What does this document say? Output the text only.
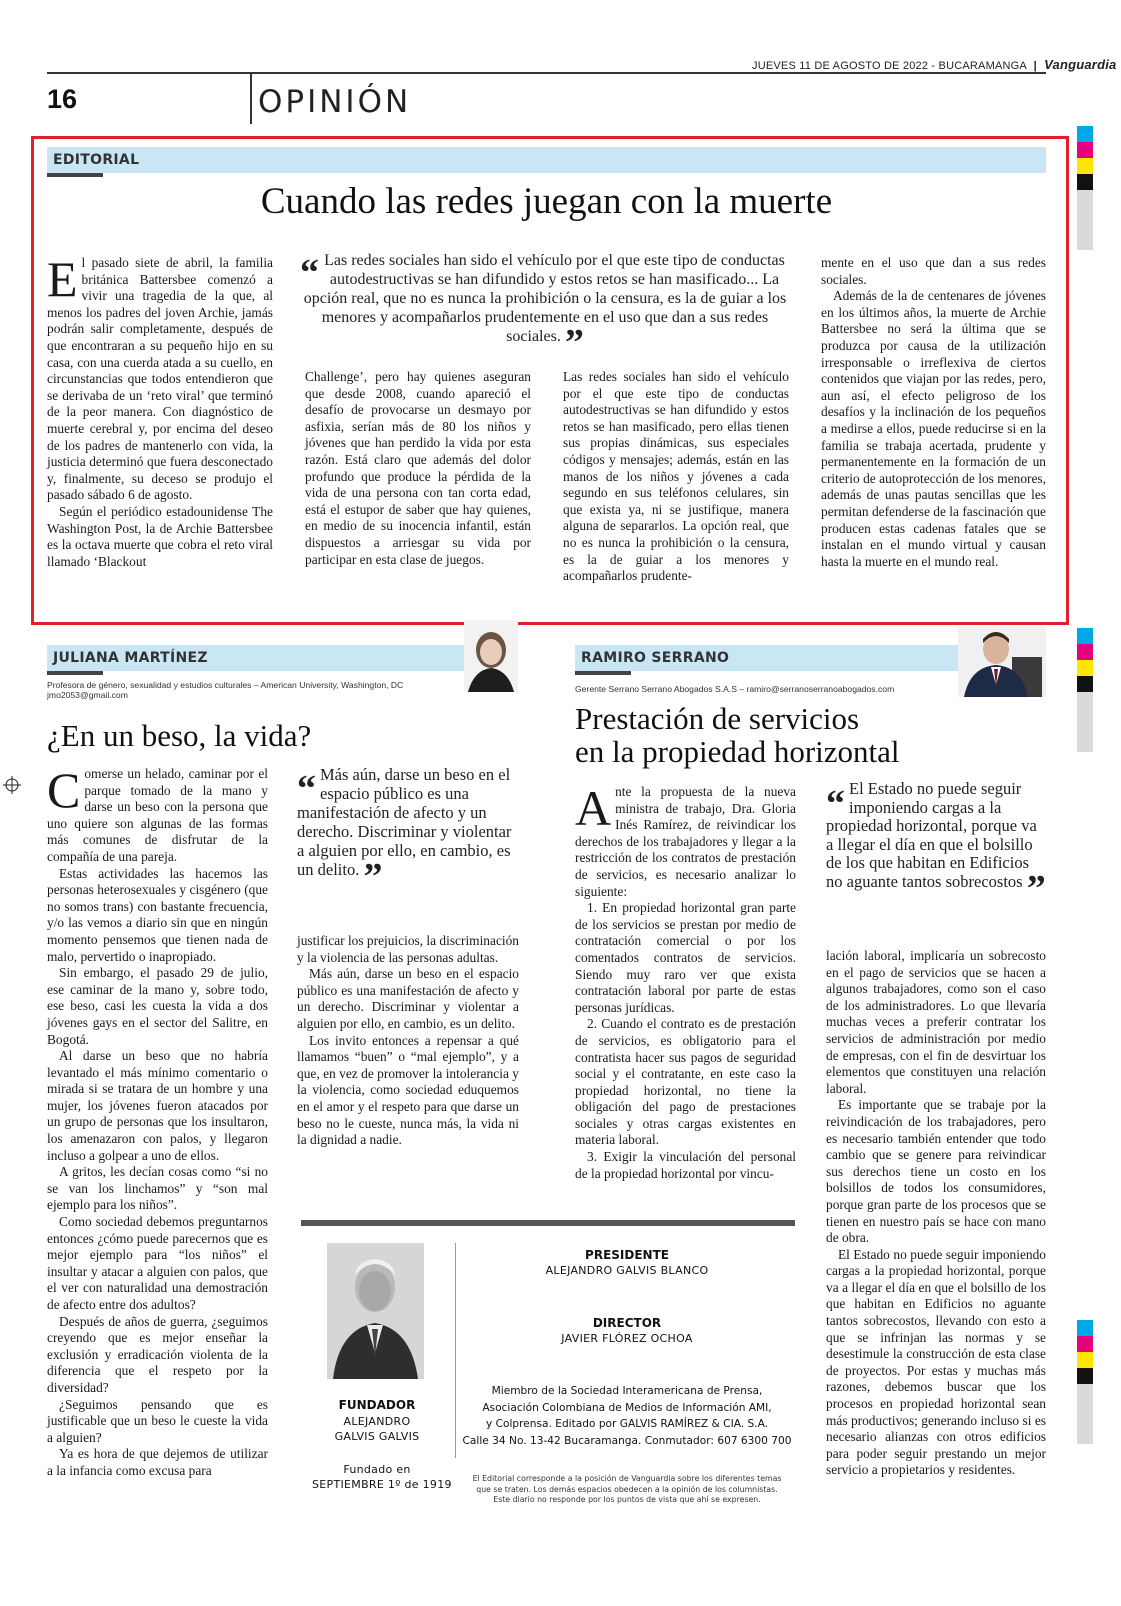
JUEVES 11 DE AGOSTO DE 2022 - BUCARAMANGA | Vanguardia
16	OPINIÓN
EDITORIAL
Cuando las redes juegan con la muerte

El pasado siete de abril, la familia británica Battersbee comenzó a vivir una tragedia de la que, al menos los padres del joven Archie, jamás podrán salir completamente, después de que encontraran a su pequeño hijo en su casa, con una cuerda atada a su cuello, en circunstancias que todos entendieron que se derivaba de un ‘reto viral’ que terminó de la peor manera. Con diagnóstico de muerte cerebral y, por encima del deseo de los padres de mantenerlo con vida, la justicia determinó que fuera desconectado y, finalmente, su deceso se produjo el pasado sábado 6 de agosto.

Según el periódico estadounidense The Washington Post, la de Archie Battersbee es la octava muerte que cobra el reto viral llamado ‘Blackout

“ Las redes sociales han sido el vehículo por el que este tipo de conductas autodestructivas se han difundido y estos retos se han masificado... La opción real, que no es nunca la prohibición o la censura, es la de guiar a los menores y acompañarlos prudentemente en el uso que dan a sus redes sociales. ”

Challenge’, pero hay quienes aseguran que desde 2008, cuando apareció el desafío de provocarse un desmayo por asfixia, serían más de 80 los niños y jóvenes que han perdido la vida por esta razón. Está claro que además del dolor profundo que produce la pérdida de la vida de una persona con tan corta edad, está el estupor de saber que hay quienes, en medio de su inocencia infantil, están dispuestos a arriesgar su vida por participar en esta clase de juegos.

Las redes sociales han sido el vehículo por el que este tipo de conductas autodestructivas se han difundido y estos retos se han masificado, pero ellas tienen sus propias dinámicas, sus especiales códigos y mensajes; además, están en las manos de los niños y jóvenes a cada segundo en sus teléfonos celulares, sin que exista ya, ni se justifique, manera alguna de separarlos. La opción real, que no es nunca la prohibición o la censura, es la de guiar a los menores y acompañarlos prudente-

mente en el uso que dan a sus redes sociales.

Además de la de centenares de jóvenes en los últimos años, la muerte de Archie Battersbee no será la última que se produzca por causa de la utilización irresponsable o irreflexiva de ciertos contenidos que viajan por las redes, pero, aun así, el efecto peligroso de los desafíos y la inclinación de los pequeños a medirse a ellos, puede reducirse si en la familia se trabaja acertada, prudente y permanentemente en la formación de un criterio de autoprotección de los menores, además de unas pautas sencillas que les permitan defenderse de la fascinación que producen estas cadenas fatales que se instalan en el mundo virtual y causan hasta la muerte en el mundo real.

JULIANA MARTÍNEZ
Profesora de género, sexualidad y estudios culturales – American University, Washington, DC
jmo2053@gmail.com
¿En un beso, la vida?

Comerse un helado, caminar por el parque tomado de la mano y darse un beso con la persona que uno quiere son algunas de las formas más comunes de disfrutar de la compañía de una pareja.

Estas actividades las hacemos las personas heterosexuales y cisgénero (que no somos trans) con bastante frecuencia, y/o las vemos a diario sin que en ningún momento pensemos que tienen nada de malo, pervertido o inapropiado.

Sin embargo, el pasado 29 de julio, ese caminar de la mano y, sobre todo, ese beso, casi les cuesta la vida a dos jóvenes gays en el sector del Salitre, en Bogotá.

Al darse un beso que no habría levantado el más mínimo comentario o mirada si se tratara de un hombre y una mujer, los jóvenes fueron atacados por un grupo de personas que los insultaron, los amenazaron con palos, y llegaron incluso a golpear a uno de ellos.

A gritos, les decían cosas como “si no se van los linchamos” y “son mal ejemplo para los niños”.

Como sociedad debemos preguntarnos entonces ¿cómo puede parecernos que es mejor ejemplo para “los niños” el insultar y atacar a alguien con palos, que el ver con naturalidad una demostración de afecto entre dos adultos?

Después de años de guerra, ¿seguimos creyendo que es mejor enseñar la exclusión y erradicación violenta de la diferencia que el respeto por la diversidad?

¿Seguimos pensando que es justificable que un beso le cueste la vida a alguien?

Ya es hora de que dejemos de utilizar a la infancia como excusa para

“ Más aún, darse un beso en el espacio público es una manifestación de afecto y un derecho. Discriminar y violentar a alguien por ello, en cambio, es un delito. ”

justificar los prejuicios, la discriminación y la violencia de las personas adultas.

Más aún, darse un beso en el espacio público es una manifestación de afecto y un derecho. Discriminar y violentar a alguien por ello, en cambio, es un delito.

Los invito entonces a repensar a qué llamamos “buen” o “mal ejemplo”, y a que, en vez de promover la intolerancia y la violencia, como sociedad eduquemos en el amor y el respeto para que darse un beso no le cueste, nunca más, la vida ni la dignidad a nadie.

RAMIRO SERRANO
Gerente Serrano Serrano Abogados S.A.S – ramiro@serranoserranoabogados.com
Prestación de servicios
en la propiedad horizontal

Ante la propuesta de la nueva ministra de trabajo, Dra. Gloria Inés Ramírez, de reivindicar los derechos de los trabajadores y llegar a la restricción de los contratos de prestación de servicios, es necesario analizar lo siguiente:

1. En propiedad horizontal gran parte de los servicios se prestan por medio de contratación comercial o por los comentados contratos de servicios. Siendo muy raro ver que exista contratación laboral por parte de estas personas jurídicas.

2. Cuando el contrato es de prestación de servicios, es obligatorio para el contratista hacer sus pagos de seguridad social y el contratante, en este caso la propiedad horizontal, no tiene la obligación del pago de prestaciones sociales y otras cargas existentes en materia laboral.

3. Exigir la vinculación del personal de la propiedad horizontal por vincu-

“ El Estado no puede seguir imponiendo cargas a la propiedad horizontal, porque va a llegar el día en que el bolsillo de los que habitan en Edificios no aguante tantos sobrecostos ”

lación laboral, implicaría un sobrecosto en el pago de servicios que se hacen a algunos trabajadores, como son el caso de los administradores. Lo que llevaría muchas veces a preferir contratar los servicios de administración por medio de empresas, con el fin de desvirtuar los elementos que constituyen una relación laboral.

Es importante que se trabaje por la reivindicación de los trabajadores, pero es necesario también entender que todo cambio que se genere para reivindicar sus derechos tiene un costo en los bolsillos de todos los consumidores, porque gran parte de los procesos que se tienen en nuestro país se hace con mano de obra.

El Estado no puede seguir imponiendo cargas a la propiedad horizontal, porque va a llegar el día en que el bolsillo de los que habitan en Edificios no aguante tantos sobrecostos, llevando con esto a que se infrinjan las normas y se desestimule la construcción de esta clase de proyectos. Por estas y muchas más razones, debemos buscar que los procesos en propiedad horizontal sean más productivos; generando incluso si es necesario alianzas con otros edificios para poder seguir prestando un mejor servicio a propietarios y residentes.

FUNDADOR
ALEJANDRO
GALVIS GALVIS
Fundado en
SEPTIEMBRE 1º de 1919
PRESIDENTE
ALEJANDRO GALVIS BLANCO
DIRECTOR
JAVIER FLÓREZ OCHOA
Miembro de la Sociedad Interamericana de Prensa,
Asociación Colombiana de Medios de Información AMI,
y Colprensa. Editado por GALVIS RAMÍREZ & CIA. S.A.
Calle 34 No. 13-42 Bucaramanga. Conmutador: 607 6300 700
El Editorial corresponde a la posición de Vanguardia sobre los diferentes temas
que se traten. Los demás espacios obedecen a la opinión de los columnistas.
Este diario no responde por los puntos de vista que ahí se expresen.
